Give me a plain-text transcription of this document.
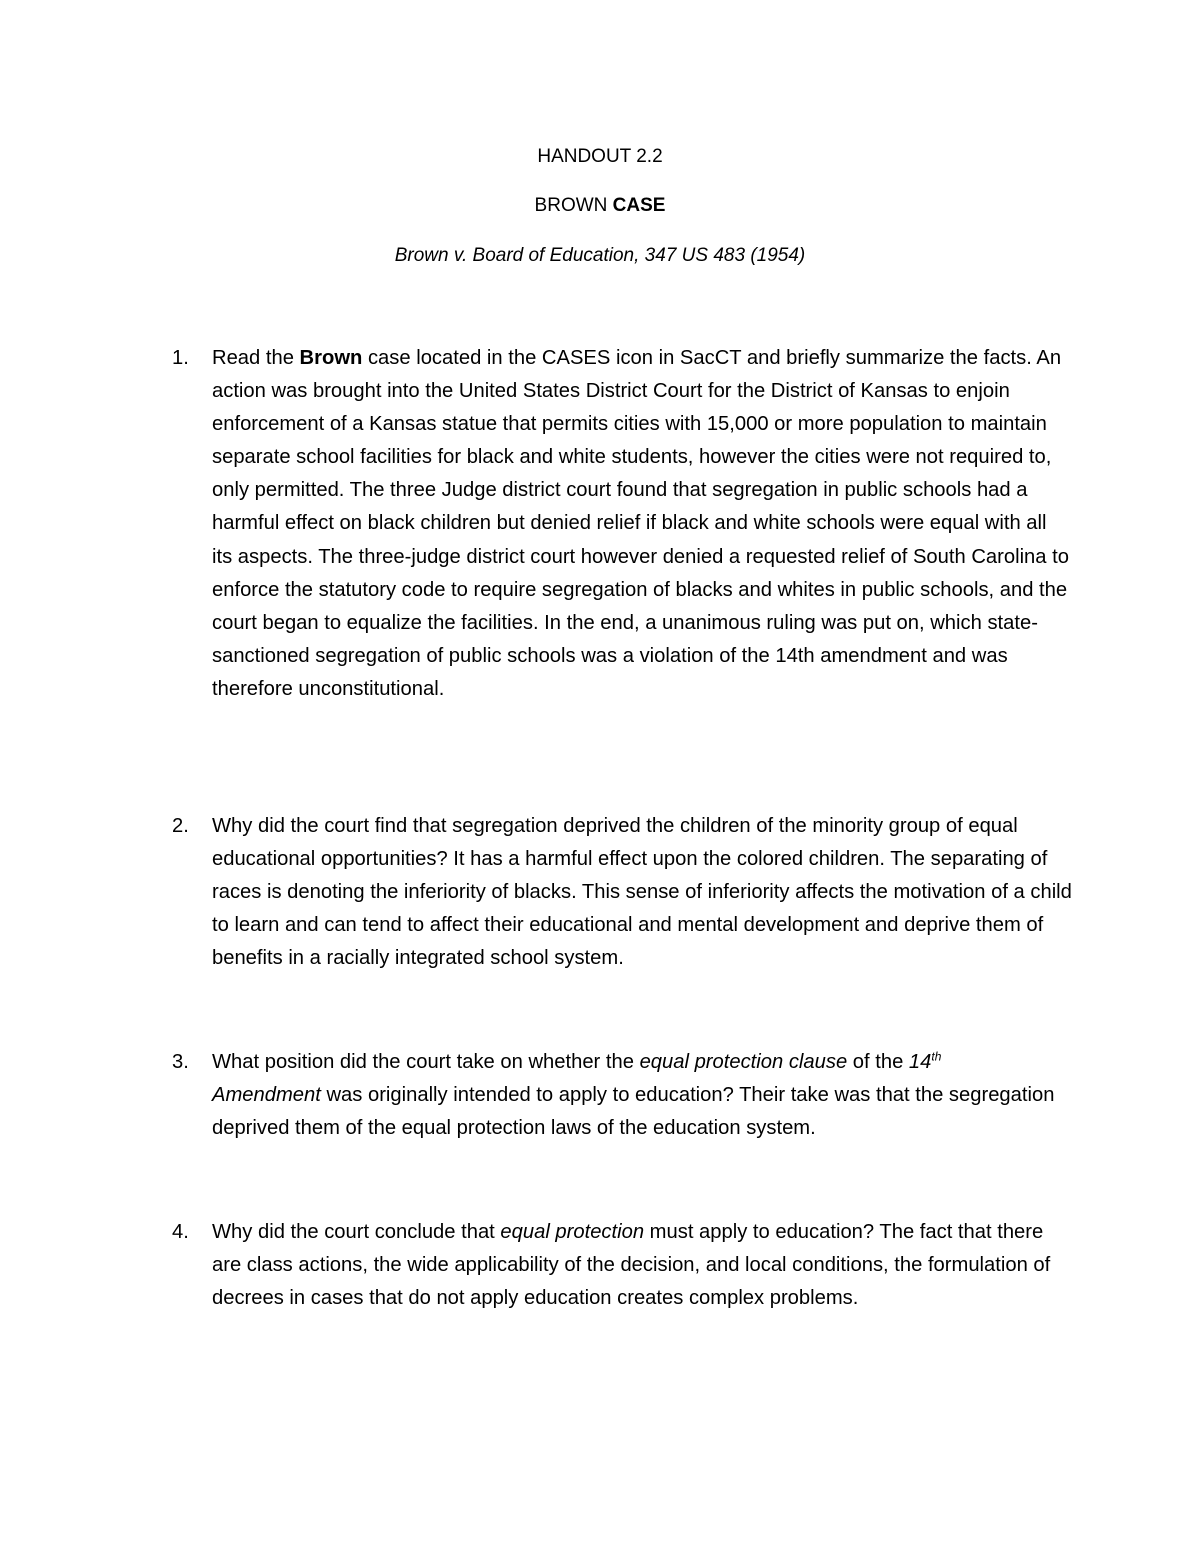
HANDOUT 2.2
BROWN CASE
Brown v. Board of Education, 347 US 483 (1954)
1.	Read the Brown case located in the CASES icon in SacCT and briefly summarize the facts. An action was brought into the United States District Court for the District of Kansas to enjoin enforcement of a Kansas statue that permits cities with 15,000 or more population to maintain separate school facilities for black and white students, however the cities were not required to, only permitted. The three Judge district court found that segregation in public schools had a harmful effect on black children but denied relief if black and white schools were equal with all its aspects. The three-judge district court however denied a requested relief of South Carolina to enforce the statutory code to require segregation of blacks and whites in public schools, and the court began to equalize the facilities. In the end, a unanimous ruling was put on, which state-sanctioned segregation of public schools was a violation of the 14th amendment and was therefore unconstitutional.
2.	Why did the court find that segregation deprived the children of the minority group of equal educational opportunities? It has a harmful effect upon the colored children. The separating of races is denoting the inferiority of blacks. This sense of inferiority affects the motivation of a child to learn and can tend to affect their educational and mental development and deprive them of benefits in a racially integrated school system.
3.	What position did the court take on whether the equal protection clause of the 14th
Amendment was originally intended to apply to education? Their take was that the segregation deprived them of the equal protection laws of the education system.
4.	Why did the court conclude that equal protection must apply to education? The fact that there are class actions, the wide applicability of the decision, and local conditions, the formulation of decrees in cases that do not apply education creates complex problems.
